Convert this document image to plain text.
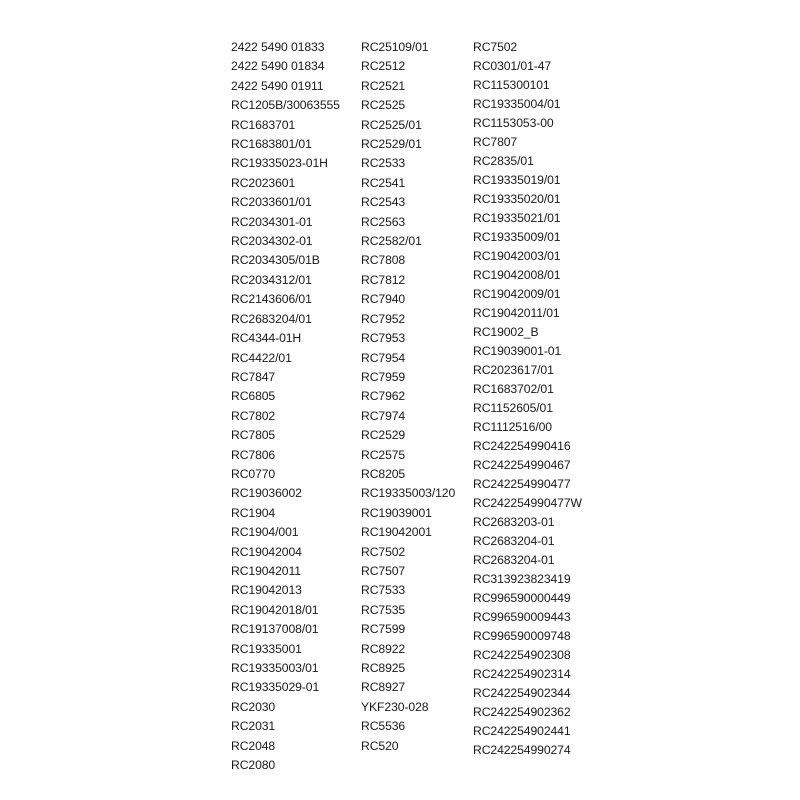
2422 5490 01833
2422 5490 01834
2422 5490 01911
RC1205B/30063555
RC1683701
RC1683801/01
RC19335023-01H
RC2023601
RC2033601/01
RC2034301-01
RC2034302-01
RC2034305/01B
RC2034312/01
RC2143606/01
RC2683204/01
RC4344-01H
RC4422/01
RC7847
RC6805
RC7802
RC7805
RC7806
RC0770
RC19036002
RC1904
RC1904/001
RC19042004
RC19042011
RC19042013
RC19042018/01
RC19137008/01
RC19335001
RC19335003/01
RC19335029-01
RC2030
RC2031
RC2048
RC2080
RC25109/01
RC2512
RC2521
RC2525
RC2525/01
RC2529/01
RC2533
RC2541
RC2543
RC2563
RC2582/01
RC7808
RC7812
RC7940
RC7952
RC7953
RC7954
RC7959
RC7962
RC7974
RC2529
RC2575
RC8205
RC19335003/120
RC19039001
RC19042001
RC7502
RC7507
RC7533
RC7535
RC7599
RC8922
RC8925
RC8927
YKF230-028
RC5536
RC520
RC7502
RC0301/01-47
RC115300101
RC19335004/01
RC1153053-00
RC7807
RC2835/01
RC19335019/01
RC19335020/01
RC19335021/01
RC19335009/01
RC19042003/01
RC19042008/01
RC19042009/01
RC19042011/01
RC19002_B
RC19039001-01
RC2023617/01
RC1683702/01
RC1152605/01
RC1112516/00
RC242254990416
RC242254990467
RC242254990477
RC242254990477W
RC2683203-01
RC2683204-01
RC2683204-01
RC313923823419
RC996590000449
RC996590009443
RC996590009748
RC242254902308
RC242254902314
RC242254902344
RC242254902362
RC242254902441
RC242254990274
